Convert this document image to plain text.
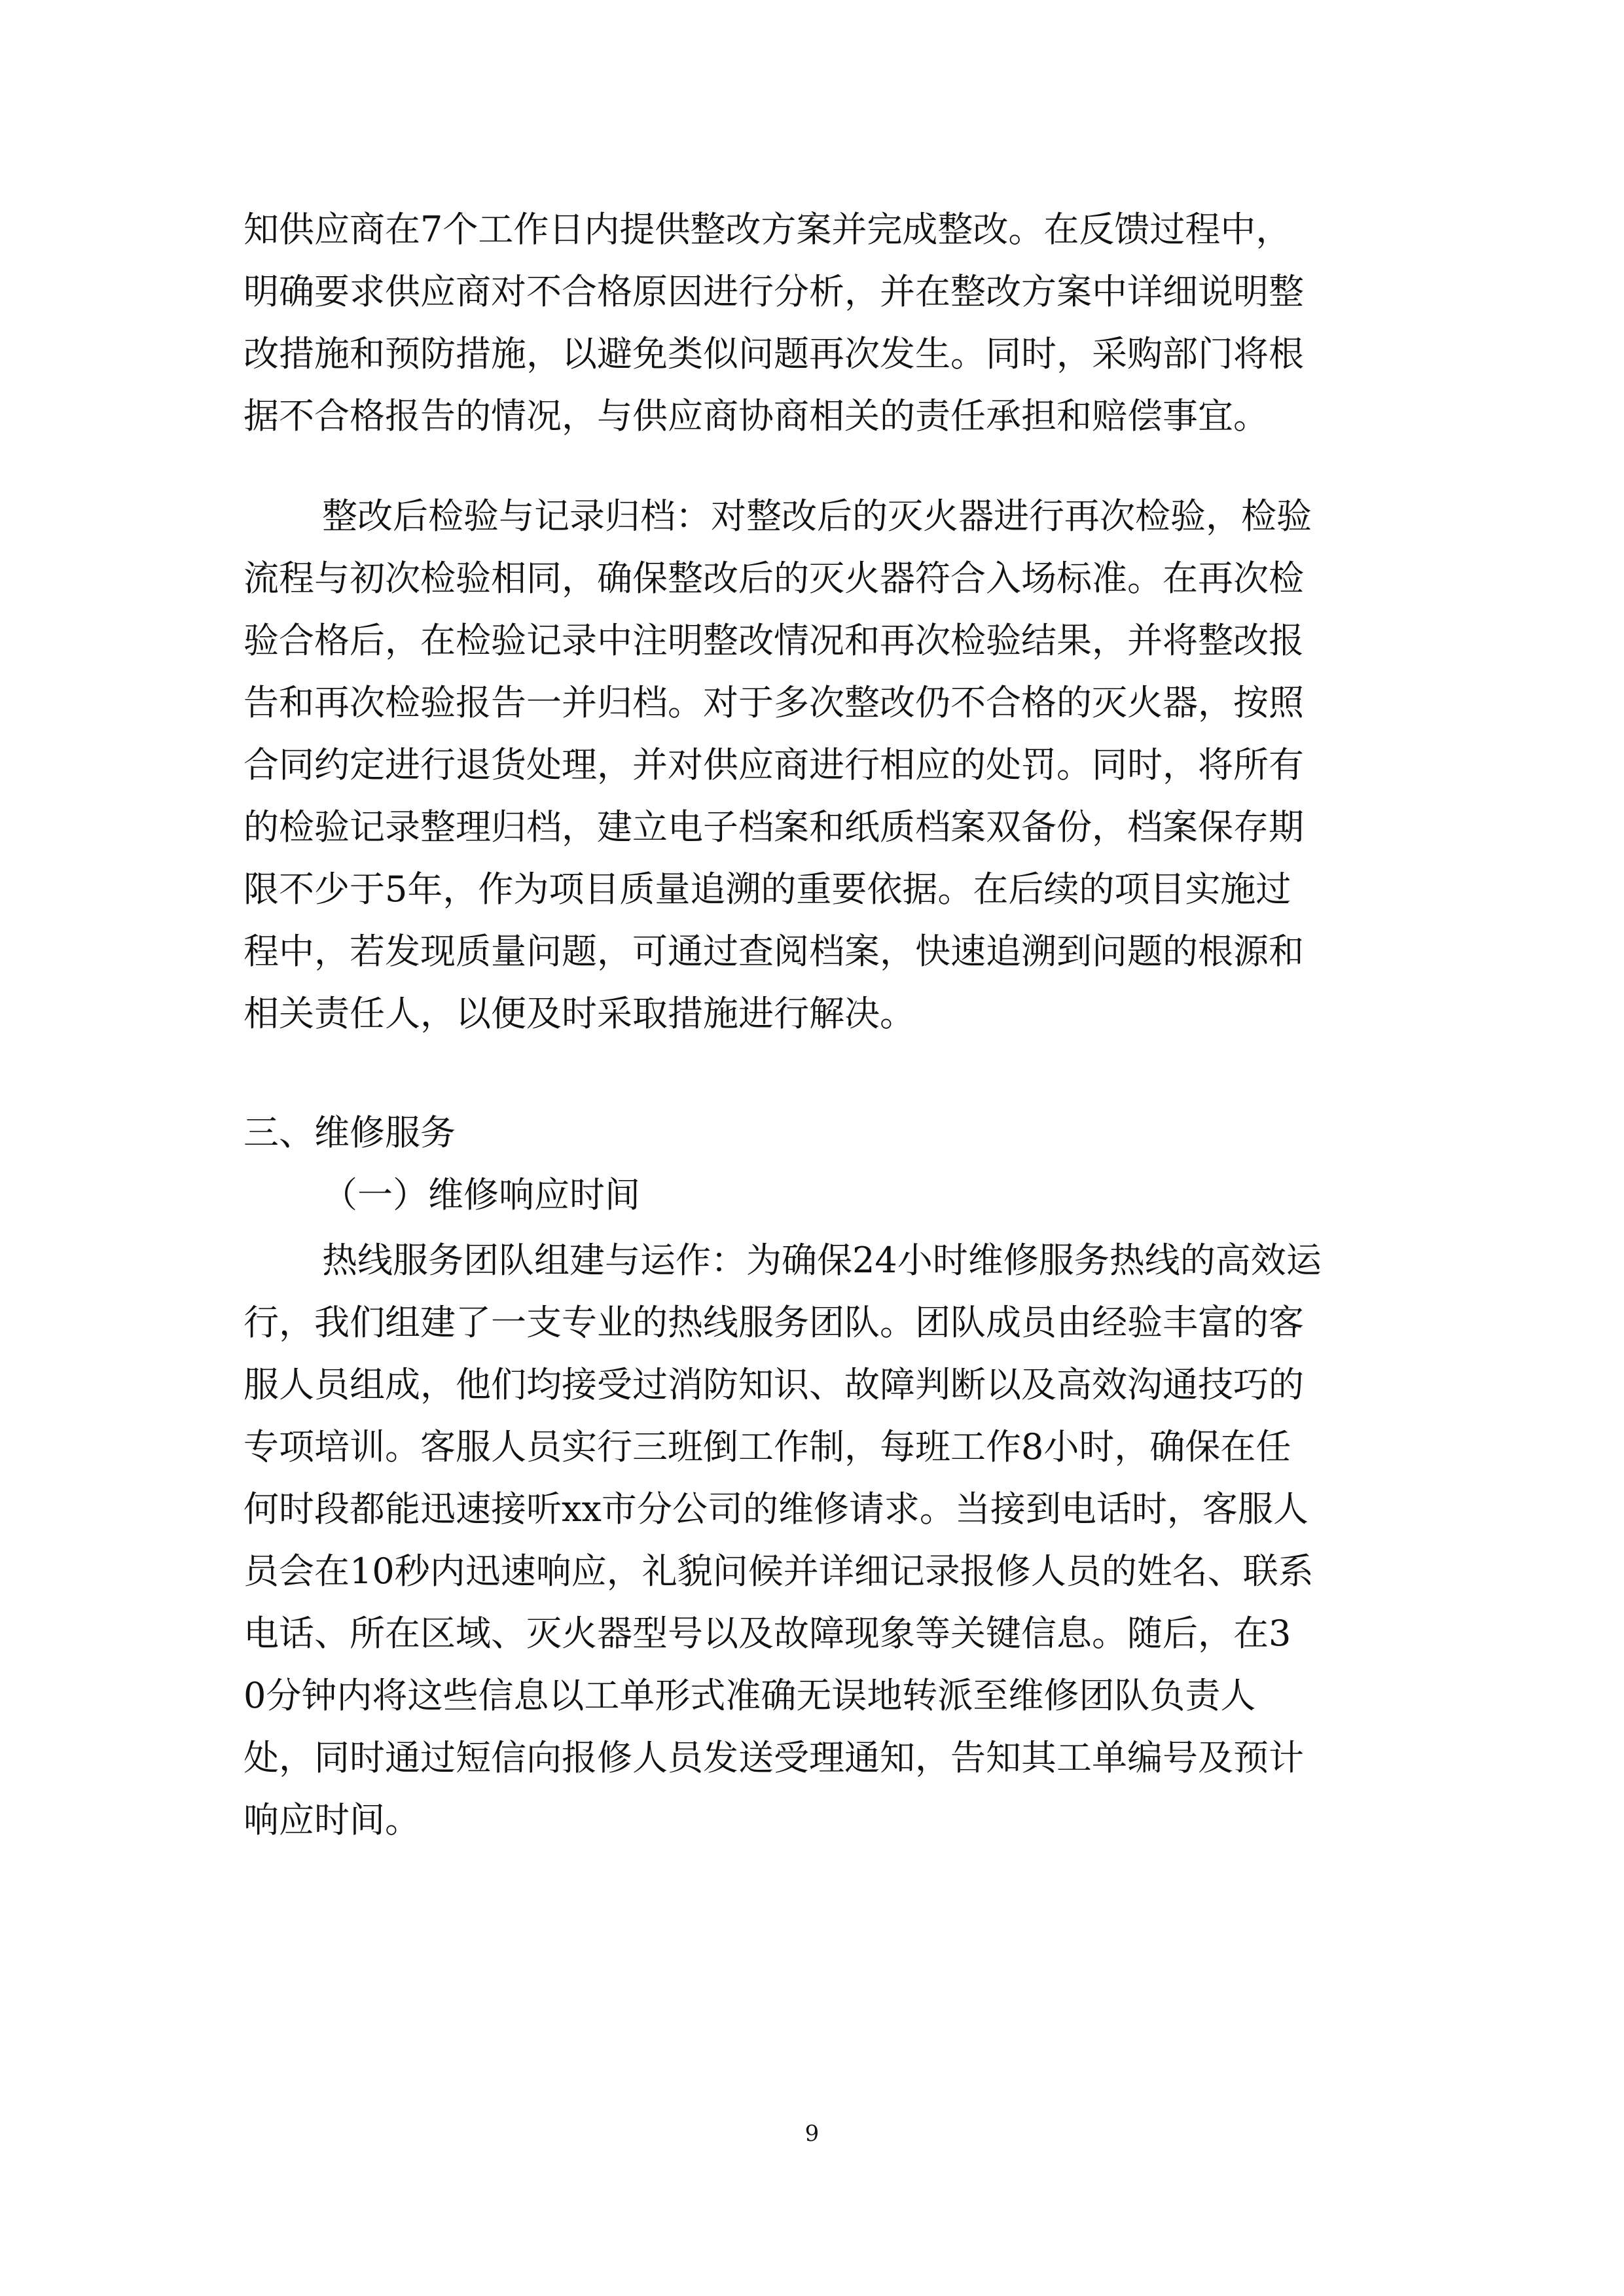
知供应商在7个工作日内提供整改方案并完成整改。在反馈过程中，
明确要求供应商对不合格原因进行分析，并在整改方案中详细说明整
改措施和预防措施，以避免类似问题再次发生。同时，采购部门将根
据不合格报告的情况，与供应商协商相关的责任承担和赔偿事宜。
整改后检验与记录归档：对整改后的灭火器进行再次检验，检验
流程与初次检验相同，确保整改后的灭火器符合入场标准。在再次检
验合格后，在检验记录中注明整改情况和再次检验结果，并将整改报
告和再次检验报告一并归档。对于多次整改仍不合格的灭火器，按照
合同约定进行退货处理，并对供应商进行相应的处罚。同时，将所有
的检验记录整理归档，建立电子档案和纸质档案双备份，档案保存期
限不少于5年，作为项目质量追溯的重要依据。在后续的项目实施过
程中，若发现质量问题，可通过查阅档案，快速追溯到问题的根源和
相关责任人，以便及时采取措施进行解决。
三、维修服务
（一）维修响应时间
热线服务团队组建与运作：为确保24小时维修服务热线的高效运
行，我们组建了一支专业的热线服务团队。团队成员由经验丰富的客
服人员组成，他们均接受过消防知识、故障判断以及高效沟通技巧的
专项培训。客服人员实行三班倒工作制，每班工作8小时，确保在任
何时段都能迅速接听xx市分公司的维修请求。当接到电话时，客服人
员会在10秒内迅速响应，礼貌问候并详细记录报修人员的姓名、联系
电话、所在区域、灭火器型号以及故障现象等关键信息。随后，在3
0分钟内将这些信息以工单形式准确无误地转派至维修团队负责人
处，同时通过短信向报修人员发送受理通知，告知其工单编号及预计
响应时间。
9
